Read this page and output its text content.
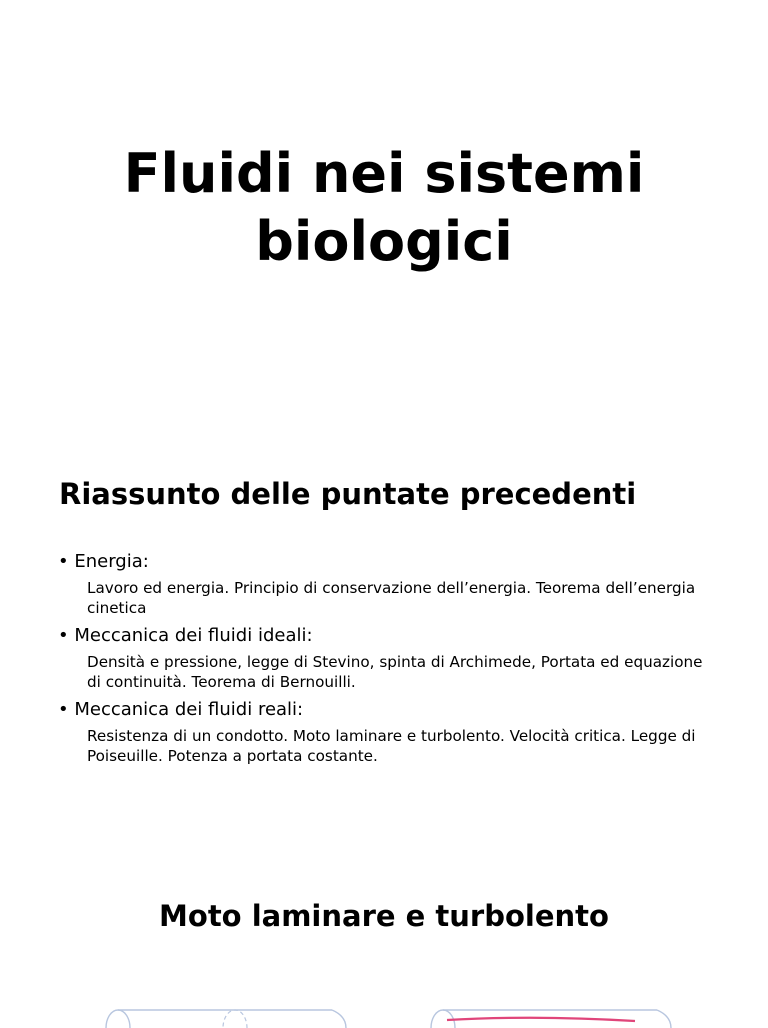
Fluidi nei sistemi
biologici
Riassunto delle puntate precedenti
• Energia:
Lavoro ed energia. Principio di conservazione dell’energia. Teorema dell’energia cinetica
• Meccanica dei fluidi ideali:
Densità e pressione, legge di Stevino, spinta di Archimede, Portata ed equazione di continuità. Teorema di Bernouilli.
• Meccanica dei fluidi reali:
Resistenza di un condotto. Moto laminare e turbolento. Velocità critica. Legge di Poiseuille. Potenza a portata costante.
Moto laminare e turbolento
